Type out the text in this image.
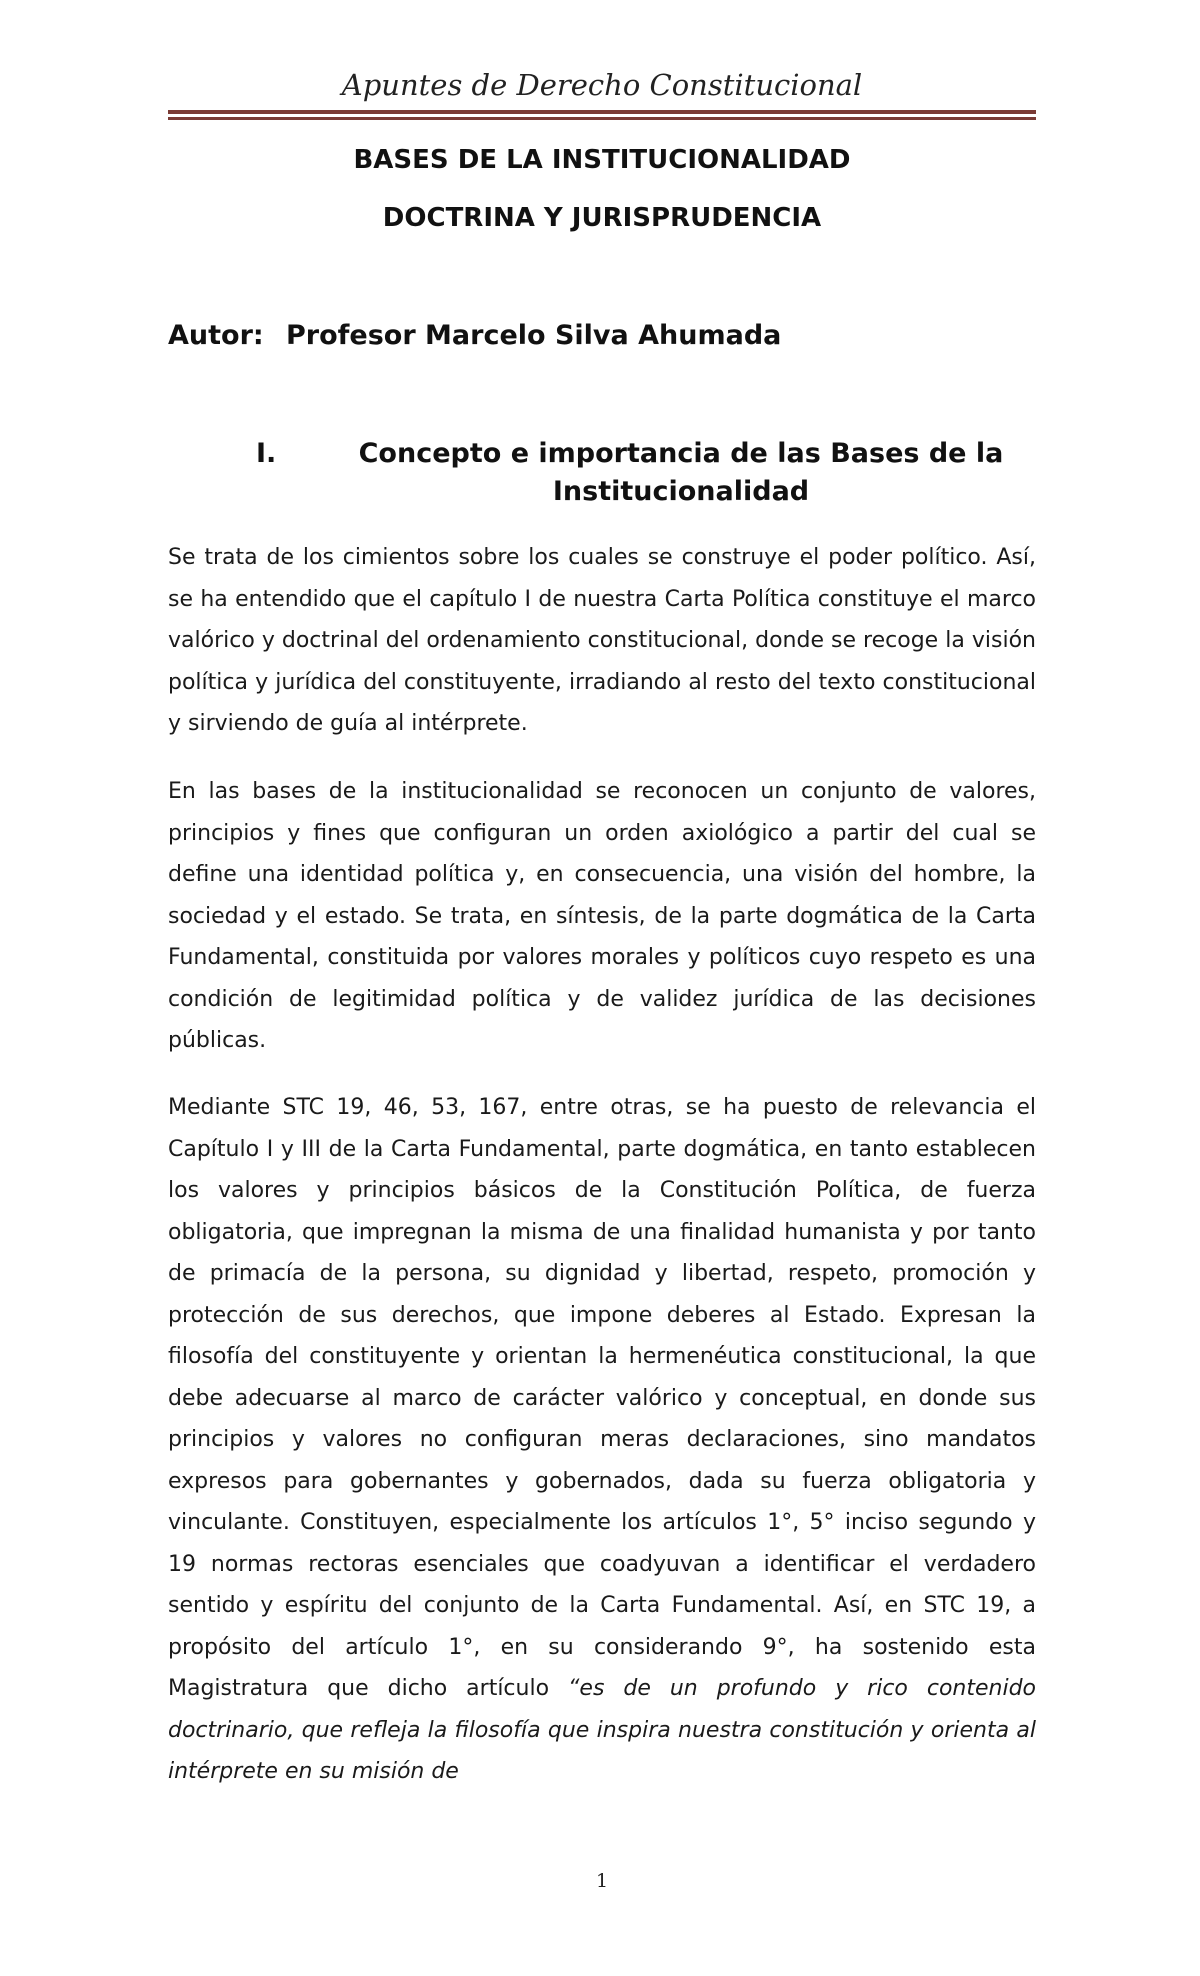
Apuntes de Derecho Constitucional
BASES DE LA INSTITUCIONALIDAD
DOCTRINA Y JURISPRUDENCIA
Autor: Profesor Marcelo Silva Ahumada
I.	Concepto e importancia de las Bases de la Institucionalidad

Se trata de los cimientos sobre los cuales se construye el poder político. Así, se ha entendido que el capítulo I de nuestra Carta Política constituye el marco valórico y doctrinal del ordenamiento constitucional, donde se recoge la visión política y jurídica del constituyente, irradiando al resto del texto constitucional y sirviendo de guía al intérprete.

En las bases de la institucionalidad se reconocen un conjunto de valores, principios y fines que configuran un orden axiológico a partir del cual se define una identidad política y, en consecuencia, una visión del hombre, la sociedad y el estado. Se trata, en síntesis, de la parte dogmática de la Carta Fundamental, constituida por valores morales y políticos cuyo respeto es una condición de legitimidad política y de validez jurídica de las decisiones públicas.

Mediante STC 19, 46, 53, 167, entre otras, se ha puesto de relevancia el Capítulo I y III de la Carta Fundamental, parte dogmática, en tanto establecen los valores y principios básicos de la Constitución Política, de fuerza obligatoria, que impregnan la misma de una finalidad humanista y por tanto de primacía de la persona, su dignidad y libertad, respeto, promoción y protección de sus derechos, que impone deberes al Estado. Expresan la filosofía del constituyente y orientan la hermenéutica constitucional, la que debe adecuarse al marco de carácter valórico y conceptual, en donde sus principios y valores no configuran meras declaraciones, sino mandatos expresos para gobernantes y gobernados, dada su fuerza obligatoria y vinculante. Constituyen, especialmente los artículos 1°, 5° inciso segundo y 19 normas rectoras esenciales que coadyuvan a identificar el verdadero sentido y espíritu del conjunto de la Carta Fundamental. Así, en STC 19, a propósito del artículo 1°, en su considerando 9°, ha sostenido esta Magistratura que dicho artículo “es de un profundo y rico contenido doctrinario, que refleja la filosofía que inspira nuestra constitución y orienta al intérprete en su misión de

1
